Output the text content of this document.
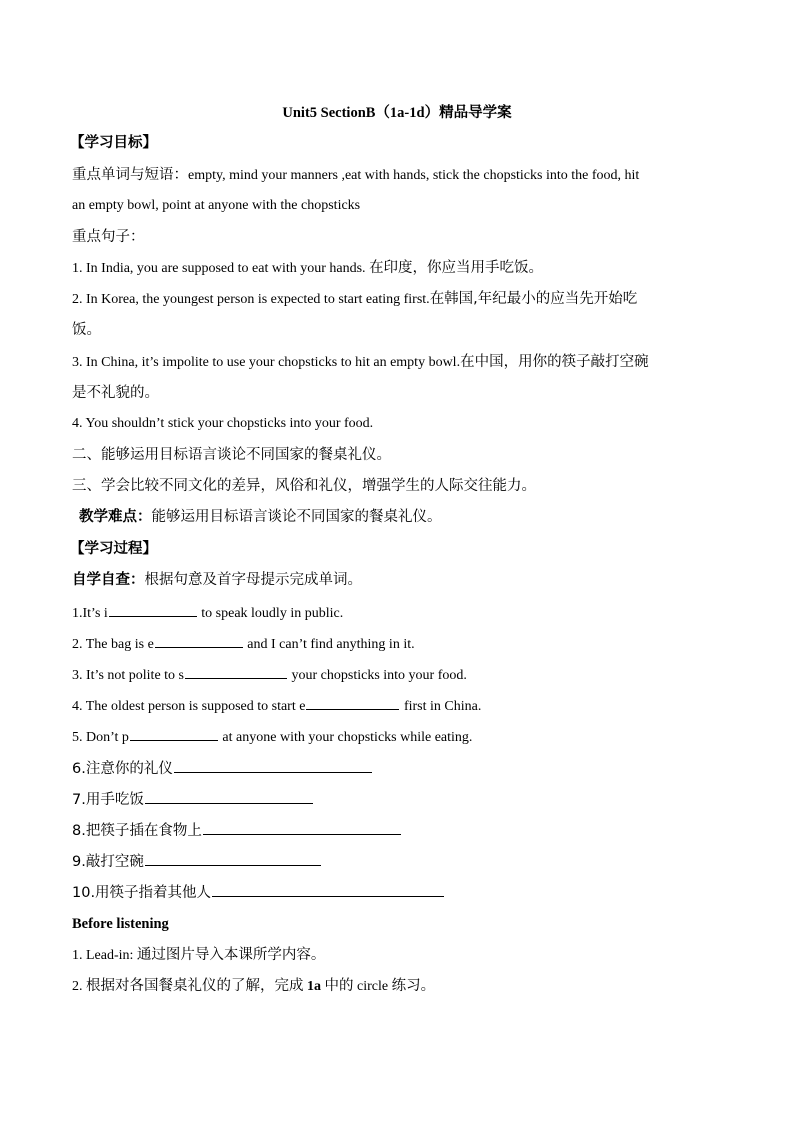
Unit5 SectionB（1a-1d）精品导学案
【学习目标】
重点单词与短语：empty, mind your manners ,eat with hands, stick the chopsticks into the food, hit
an empty bowl, point at anyone with the chopsticks
重点句子：
1. In India, you are supposed to eat with your hands. 在印度，你应当用手吃饭。
2. In Korea, the youngest person is expected to start eating first.在韩国,年纪最小的应当先开始吃
饭。
3. In China, it’s impolite to use your chopsticks to hit an empty bowl.在中国，用你的筷子敲打空碗
是不礼貌的。
4. You shouldn’t stick your chopsticks into your food.
二、能够运用目标语言谈论不同国家的餐桌礼仪。
三、学会比较不同文化的差异，风俗和礼仪，增强学生的人际交往能力。
教学难点：能够运用目标语言谈论不同国家的餐桌礼仪。
【学习过程】
自学自查：根据句意及首字母提示完成单词。
1.It’s i	to speak loudly in public.
2. The bag is e	and I can’t find anything in it.
3. It’s not polite to s	your chopsticks into your food.
4. The oldest person is supposed to start e	first in China.
5. Don’t p	at anyone with your chopsticks while eating.
6.注意你的礼仪
7.用手吃饭
8.把筷子插在食物上
9.敲打空碗
10.用筷子指着其他人
Before listening
1. Lead-in: 通过图片导入本课所学内容。
2. 根据对各国餐桌礼仪的了解，完成 1a 中的 circle 练习。
